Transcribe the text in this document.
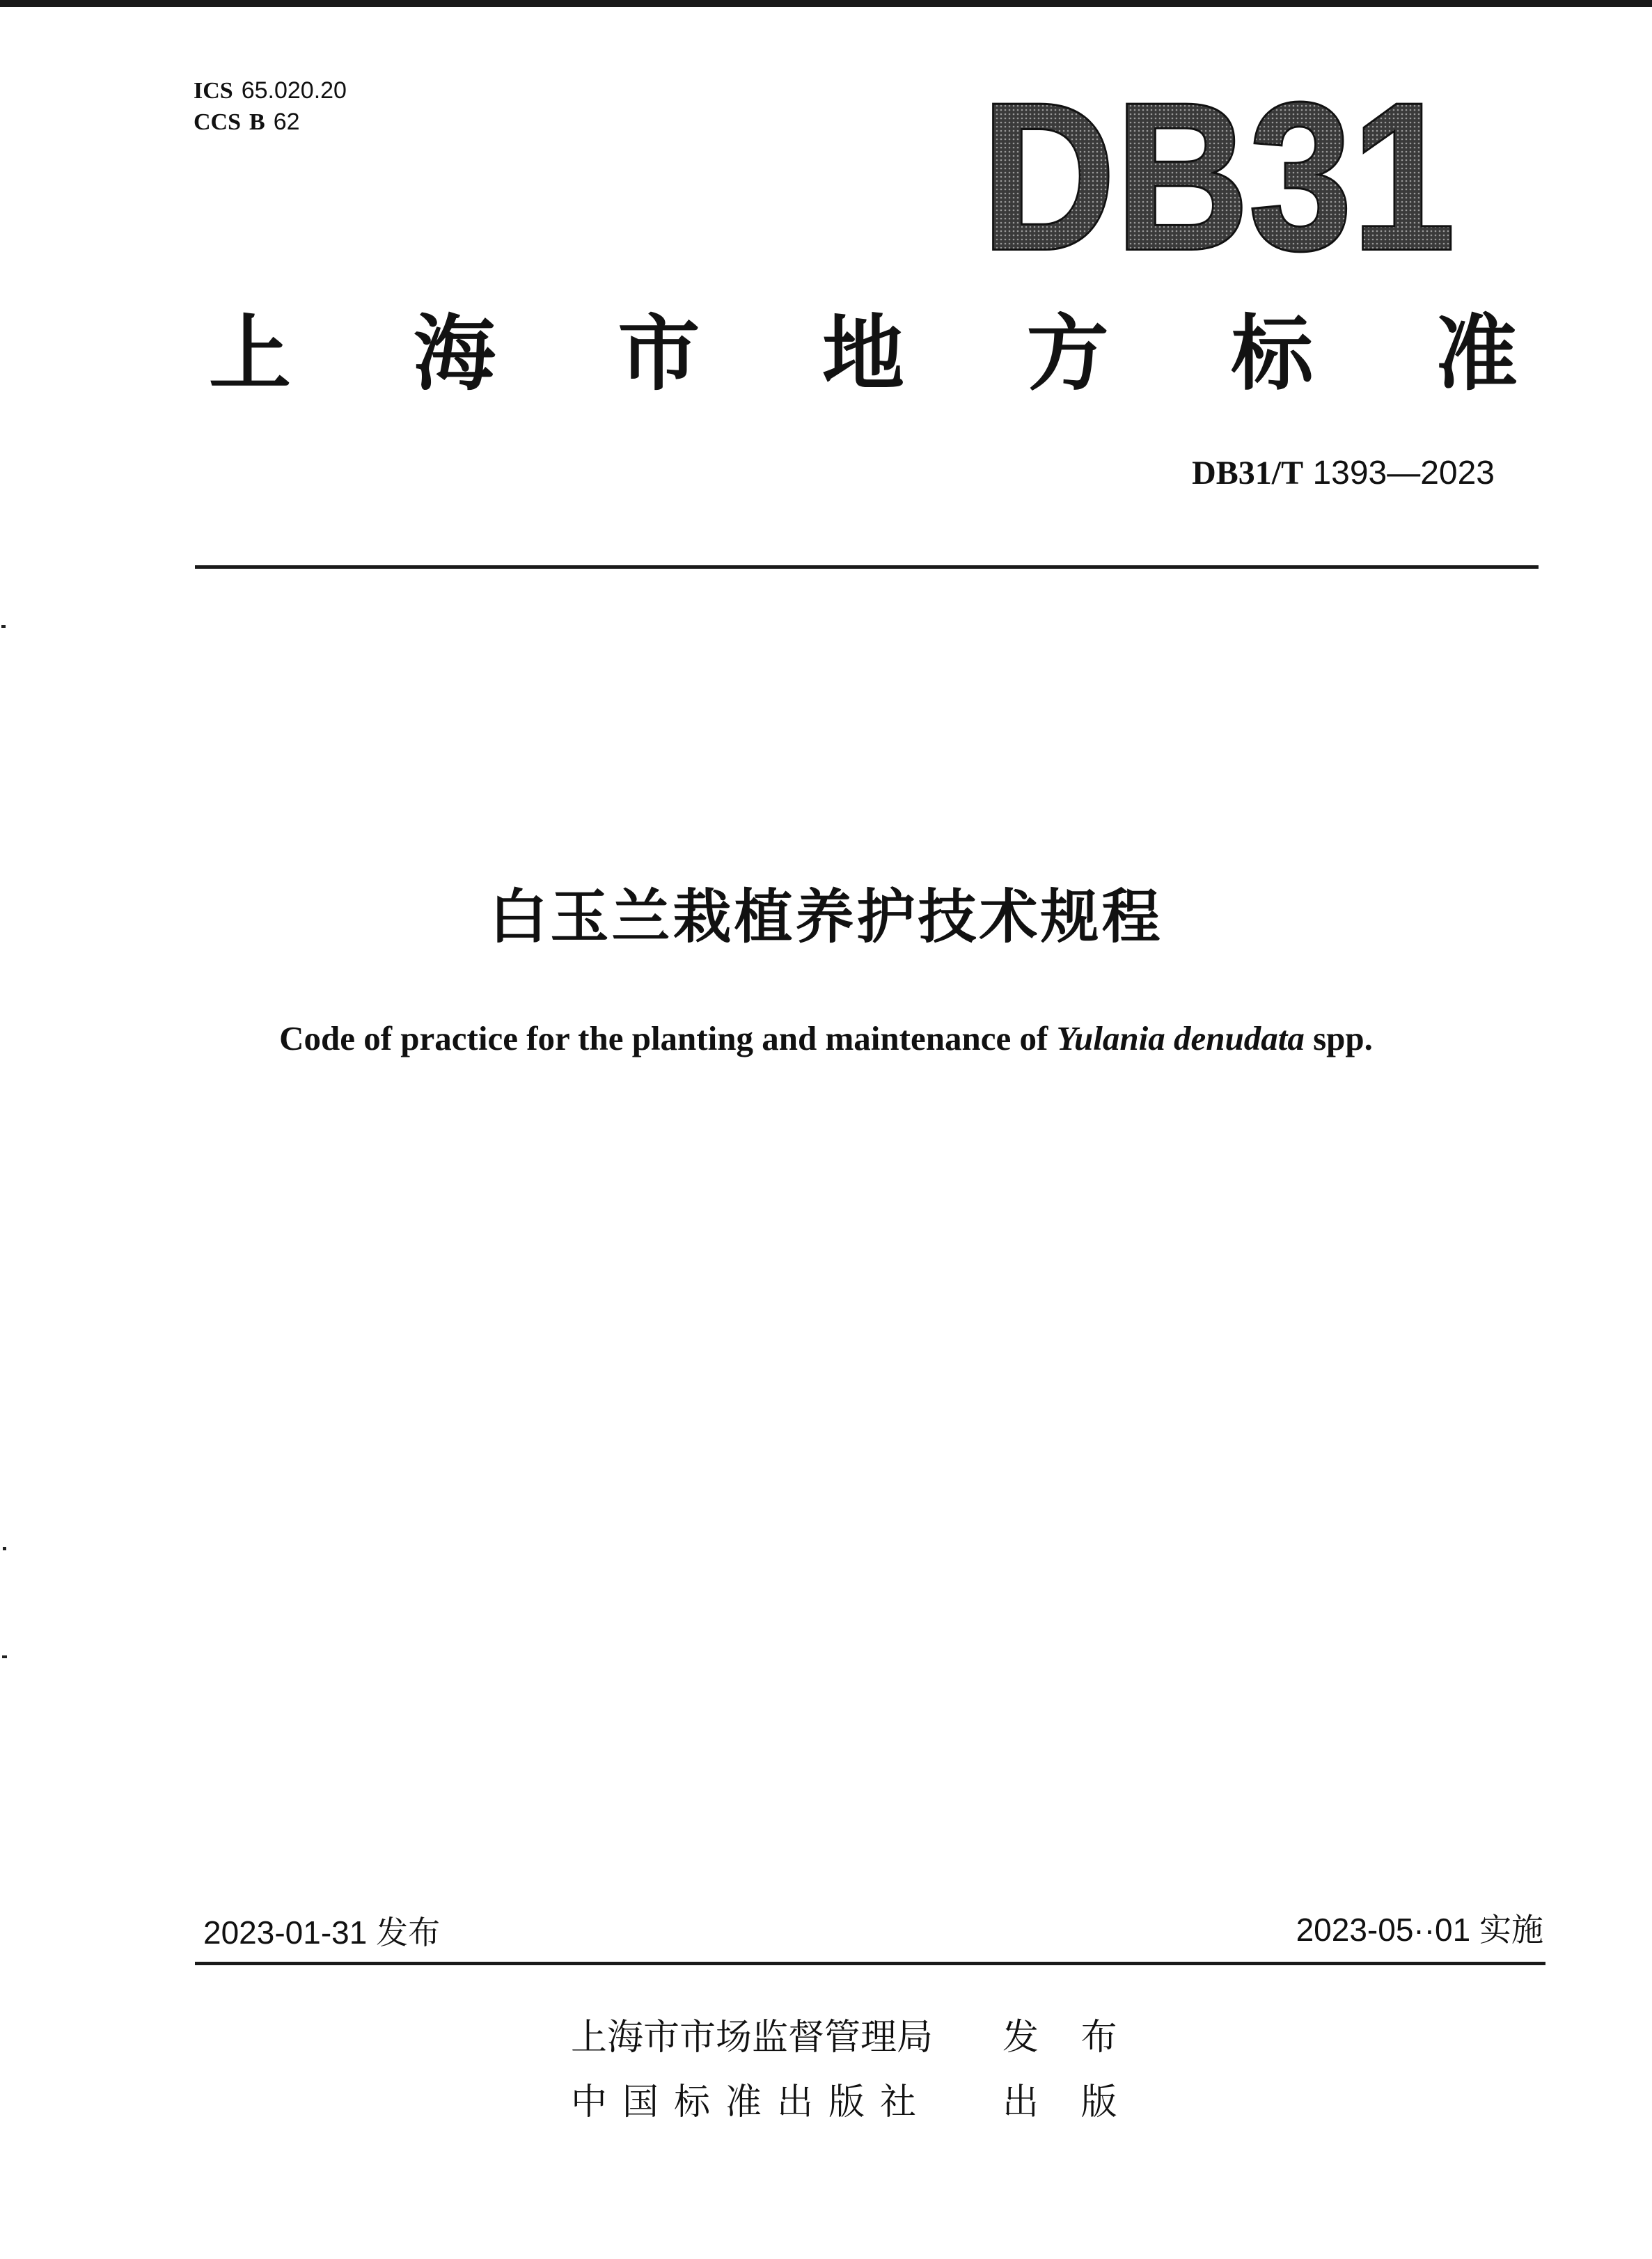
ICS 65.020.20
CCS B 62	DB31
DB31
上 海 市 地 方 标 准
DB31/T 1393—2023
白玉兰栽植养护技术规程
Code of practice for the planting and maintenance of Yulania denudata spp.
2023-01-31 发布	2023-05··01 实施
上海市市场监督管理局	发 布
中国标准出版社	出 版
